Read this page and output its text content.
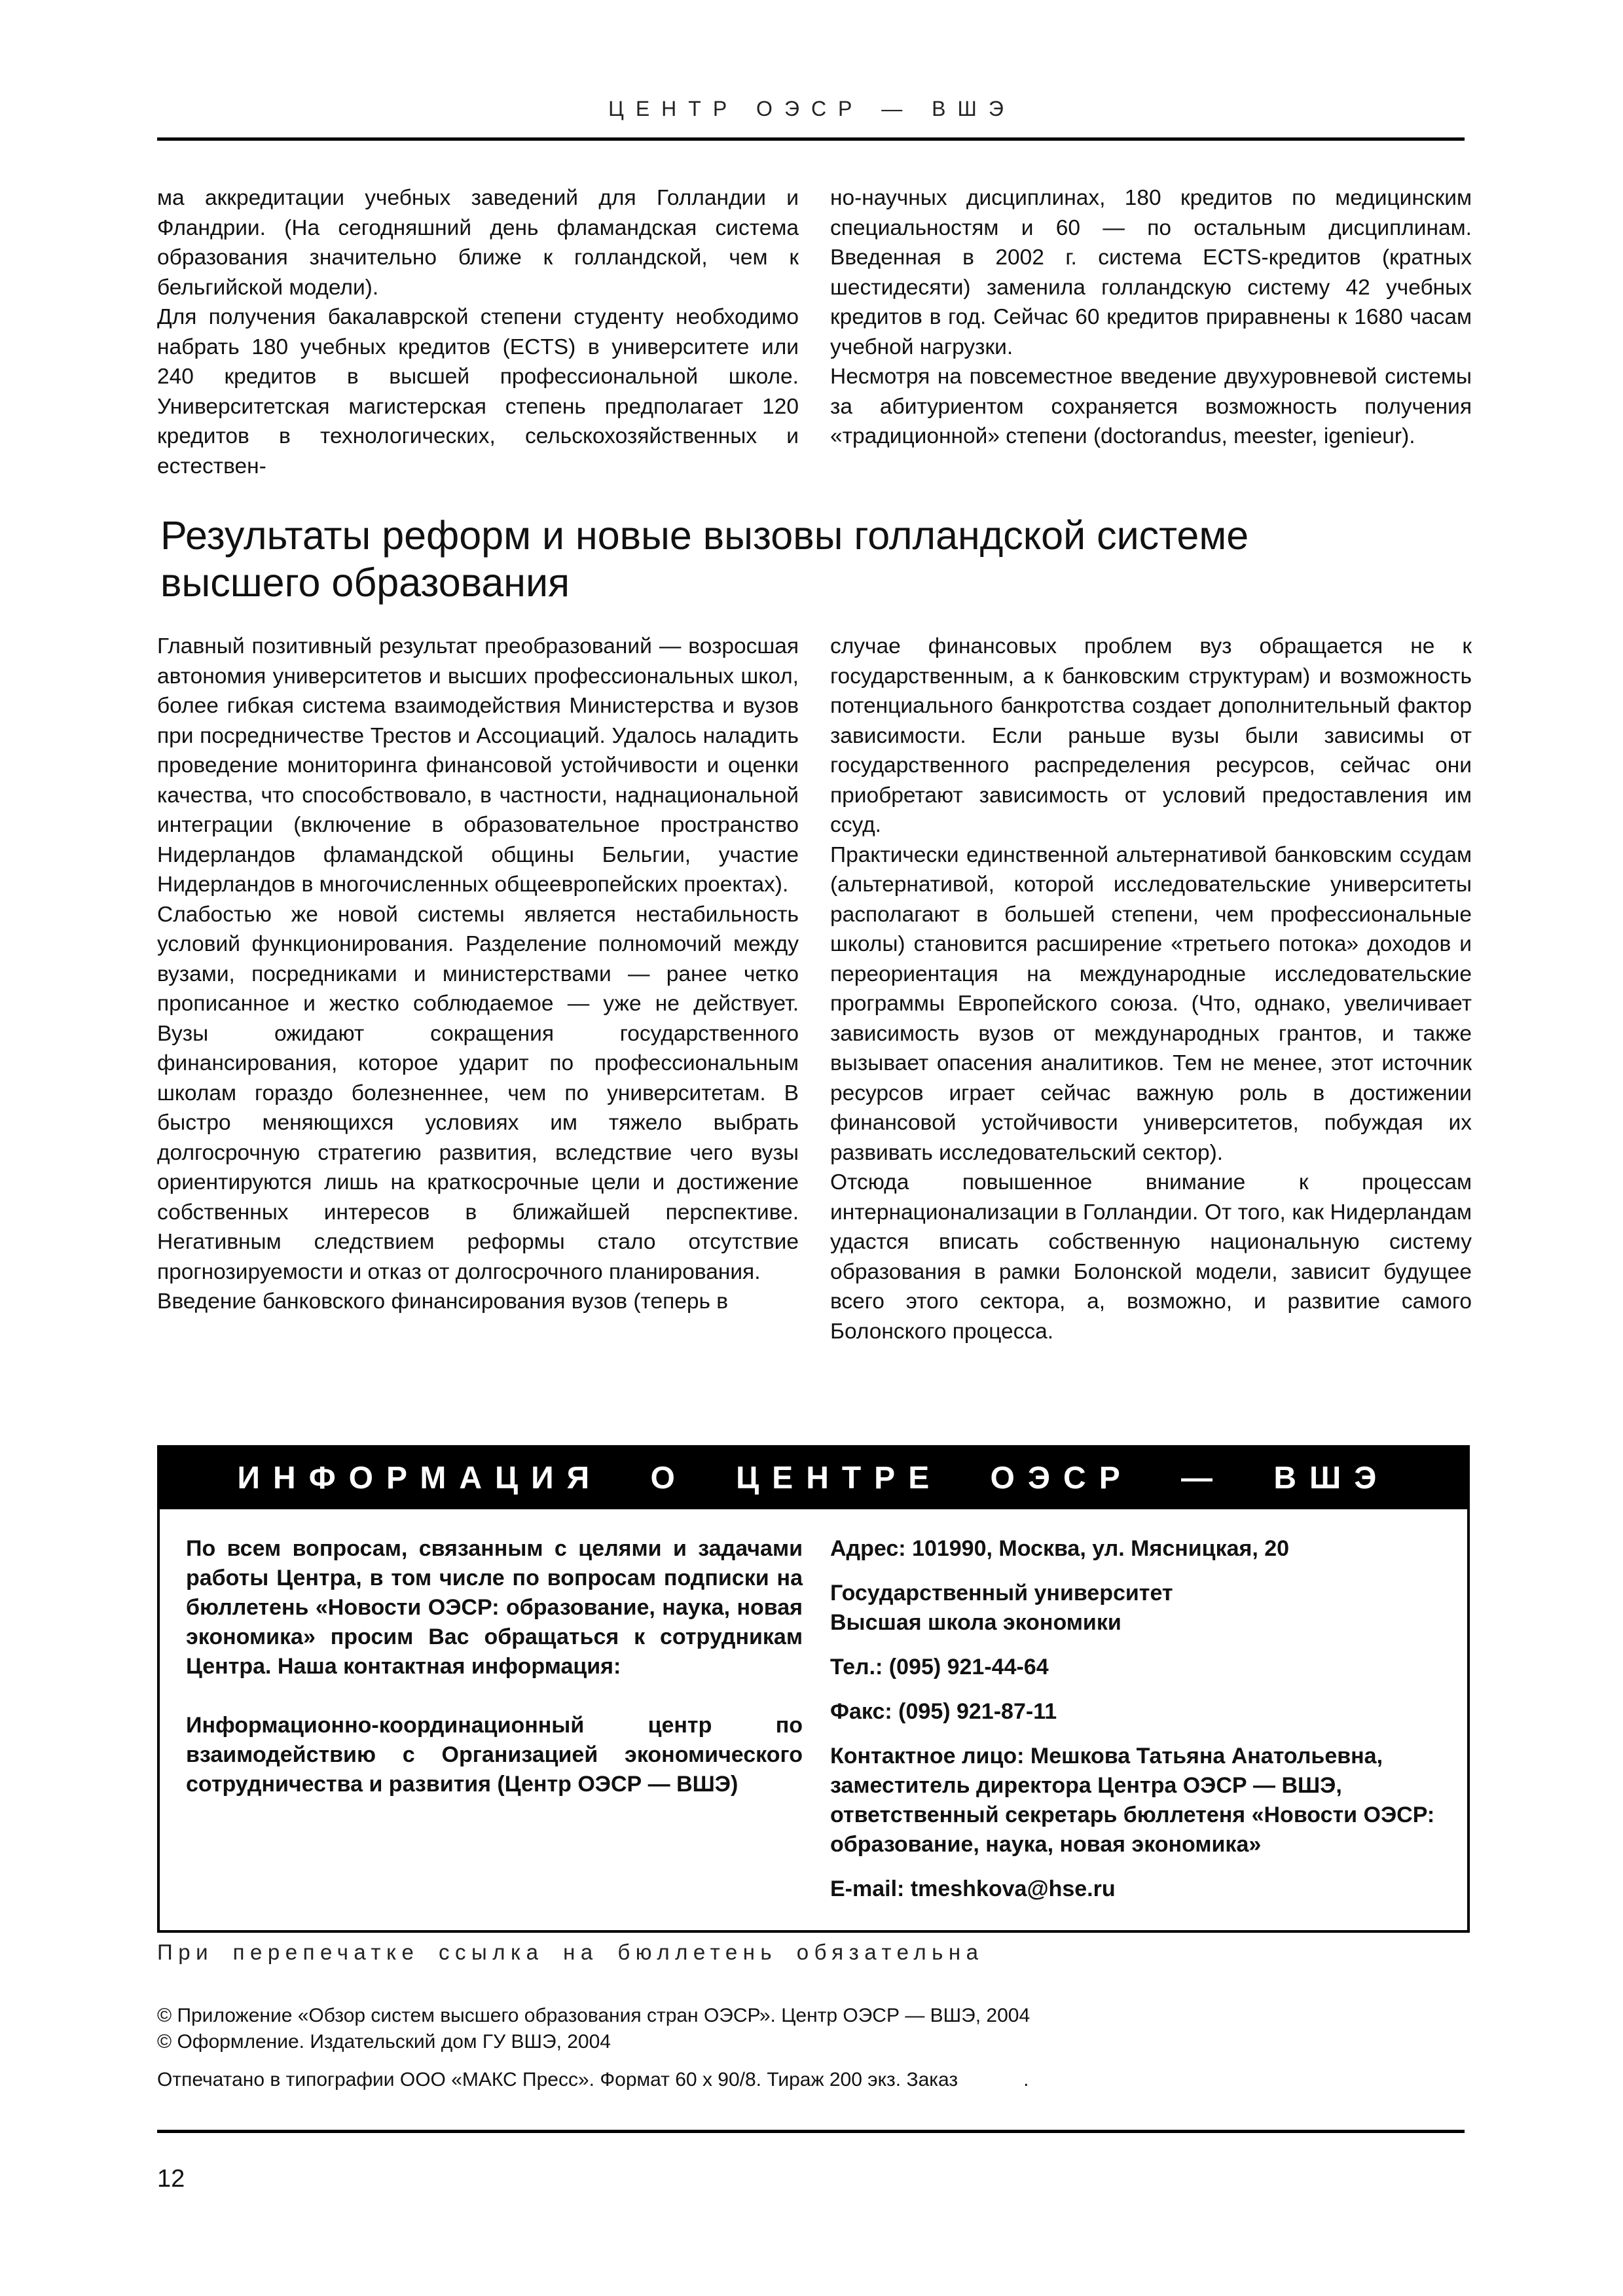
ЦЕНТР ОЭСР — ВШЭ

ма аккредитации учебных заведений для Голландии и Фландрии. (На сегодняшний день фламандская система образования значительно ближе к голландской, чем к бельгийской модели).

Для получения бакалаврской степени студенту необходимо набрать 180 учебных кредитов (ECTS) в университете или 240 кредитов в высшей профессиональной школе. Университетская магистерская степень предполагает 120 кредитов в технологических, сельскохозяйственных и естествен-

но-научных дисциплинах, 180 кредитов по медицинским специальностям и 60 — по остальным дисциплинам. Введенная в 2002 г. система ECTS-кредитов (кратных шестидесяти) заменила голландскую систему 42 учебных кредитов в год. Сейчас 60 кредитов приравнены к 1680 часам учебной нагрузки.

Несмотря на повсеместное введение двухуровневой системы за абитуриентом сохраняется возможность получения «традиционной» степени (doctorandus, meester, igenieur).

Результаты реформ и новые вызовы голландской системе
высшего образования

Главный позитивный результат преобразований — возросшая автономия университетов и высших профессиональных школ, более гибкая система взаимодействия Министерства и вузов при посредничестве Трестов и Ассоциаций. Удалось наладить проведение мониторинга финансовой устойчивости и оценки качества, что способствовало, в частности, наднациональной интеграции (включение в образовательное пространство Нидерландов фламандской общины Бельгии, участие Нидерландов в многочисленных общеевропейских проектах).

Слабостью же новой системы является нестабильность условий функционирования. Разделение полномочий между вузами, посредниками и министерствами — ранее четко прописанное и жестко соблюдаемое — уже не действует. Вузы ожидают сокращения государственного финансирования, которое ударит по профессиональным школам гораздо болезненнее, чем по университетам. В быстро меняющихся условиях им тяжело выбрать долгосрочную стратегию развития, вследствие чего вузы ориентируются лишь на краткосрочные цели и достижение собственных интересов в ближайшей перспективе. Негативным следствием реформы стало отсутствие прогнозируемости и отказ от долгосрочного планирования.

Введение банковского финансирования вузов (теперь в

случае финансовых проблем вуз обращается не к государственным, а к банковским структурам) и возможность потенциального банкротства создает дополнительный фактор зависимости. Если раньше вузы были зависимы от государственного распределения ресурсов, сейчас они приобретают зависимость от условий предоставления им ссуд.

Практически единственной альтернативой банковским ссудам (альтернативой, которой исследовательские университеты располагают в большей степени, чем профессиональные школы) становится расширение «третьего потока» доходов и переориентация на международные исследовательские программы Европейского союза. (Что, однако, увеличивает зависимость вузов от международных грантов, и также вызывает опасения аналитиков. Тем не менее, этот источник ресурсов играет сейчас важную роль в достижении финансовой устойчивости университетов, побуждая их развивать исследовательский сектор).

Отсюда повышенное внимание к процессам интернационализации в Голландии. От того, как Нидерландам удастся вписать собственную национальную систему образования в рамки Болонской модели, зависит будущее всего этого сектора, а, возможно, и развитие самого Болонского процесса.

ИНФОРМАЦИЯ О ЦЕНТРЕ ОЭСР — ВШЭ

По всем вопросам, связанным с целями и задачами работы Центра, в том числе по вопросам подписки на бюллетень «Новости ОЭСР: образование, наука, новая экономика» просим Вас обращаться к сотрудникам Центра. Наша контактная информация:

Информационно-координационный центр по взаимодействию с Организацией экономического сотрудничества и развития (Центр ОЭСР — ВШЭ)

Адрес: 101990, Москва, ул. Мясницкая, 20

Государственный университет
Высшая школа экономики

Тел.: (095) 921-44-64

Факс: (095) 921-87-11

Контактное лицо: Мешкова Татьяна Анатольевна, заместитель директора Центра ОЭСР — ВШЭ, ответственный секретарь бюллетеня «Новости ОЭСР: образование, наука, новая экономика»

E-mail: tmeshkova@hse.ru

При перепечатке ссылка на бюллетень обязательна
© Приложение «Обзор систем высшего образования стран ОЭСР». Центр ОЭСР — ВШЭ, 2004
© Оформление. Издательский дом ГУ ВШЭ, 2004
Отпечатано в типографии ООО «МАКС Пресс». Формат 60 x 90/8. Тираж 200 экз. Заказ            .
12
